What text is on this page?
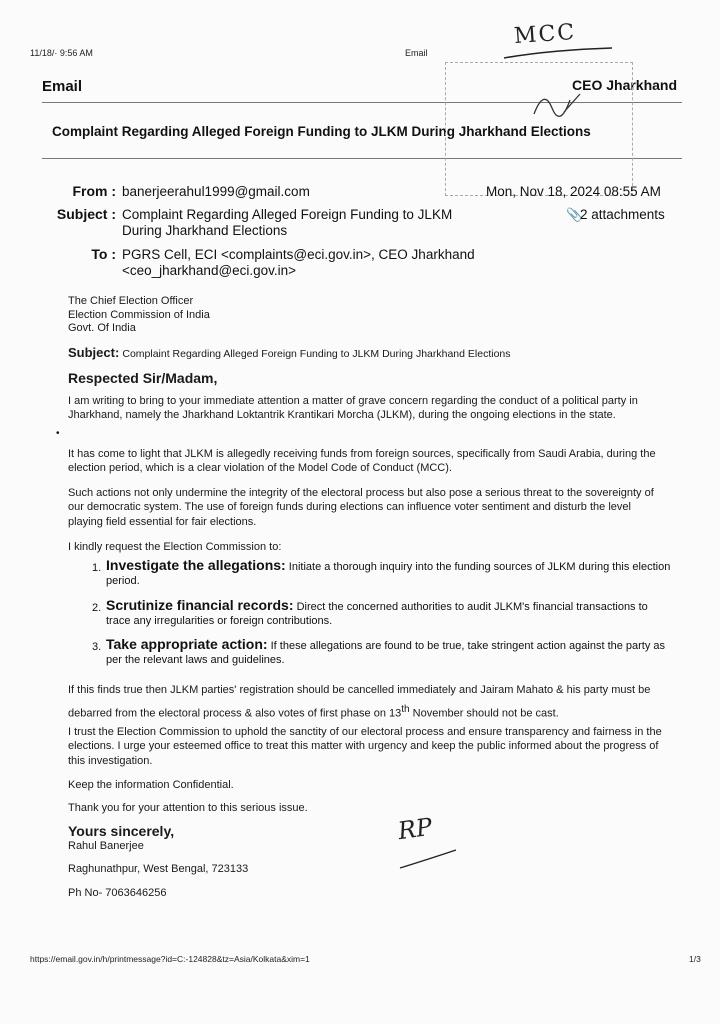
11/18/· 9:56 AM	Email
Email	CEO Jharkhand
Complaint Regarding Alleged Foreign Funding to JLKM During Jharkhand Elections
From : banerjeerahul1999@gmail.com	Mon, Nov 18, 2024 08:55 AM
Subject : Complaint Regarding Alleged Foreign Funding to JLKM
During Jharkhand Elections
📎
2 attachments
To : PGRS Cell, ECI <complaints@eci.gov.in>, CEO Jharkhand
<ceo_jharkhand@eci.gov.in>

The Chief Election Officer

Election Commission of India

Govt. Of India

Subject: Complaint Regarding Alleged Foreign Funding to JLKM During Jharkhand Elections
Respected Sir/Madam,
I am writing to bring to your immediate attention a matter of grave concern regarding the conduct of a political party in Jharkhand, namely the Jharkhand Loktantrik Krantikari Morcha (JLKM), during the ongoing elections in the state.
It has come to light that JLKM is allegedly receiving funds from foreign sources, specifically from Saudi Arabia, during the election period, which is a clear violation of the Model Code of Conduct (MCC).
Such actions not only undermine the integrity of the electoral process but also pose a serious threat to the sovereignty of our democratic system. The use of foreign funds during elections can influence voter sentiment and disturb the level playing field essential for fair elections.
I kindly request the Election Commission to:
1. Investigate the allegations: Initiate a thorough inquiry into the funding sources of JLKM during this election period.
2. Scrutinize financial records: Direct the concerned authorities to audit JLKM's financial transactions to trace any irregularities or foreign contributions.
3. Take appropriate action: If these allegations are found to be true, take stringent action against the party as per the relevant laws and guidelines.
If this finds true then JLKM parties' registration should be cancelled immediately and Jairam Mahato & his party must be debarred from the electoral process & also votes of first phase on 13th November should not be cast.
I trust the Election Commission to uphold the sanctity of our electoral process and ensure transparency and fairness in the elections. I urge your esteemed office to treat this matter with urgency and keep the public informed about the progress of this investigation.
Keep the information Confidential.
Thank you for your attention to this serious issue.
Yours sincerely,
Rahul Banerjee
Raghunathpur, West Bengal, 723133
Ph No- 7063646256
MCC
RP
•
https://email.gov.in/h/printmessage?id=C:-124828&tz=Asia/Kolkata&xim=1	1/3
